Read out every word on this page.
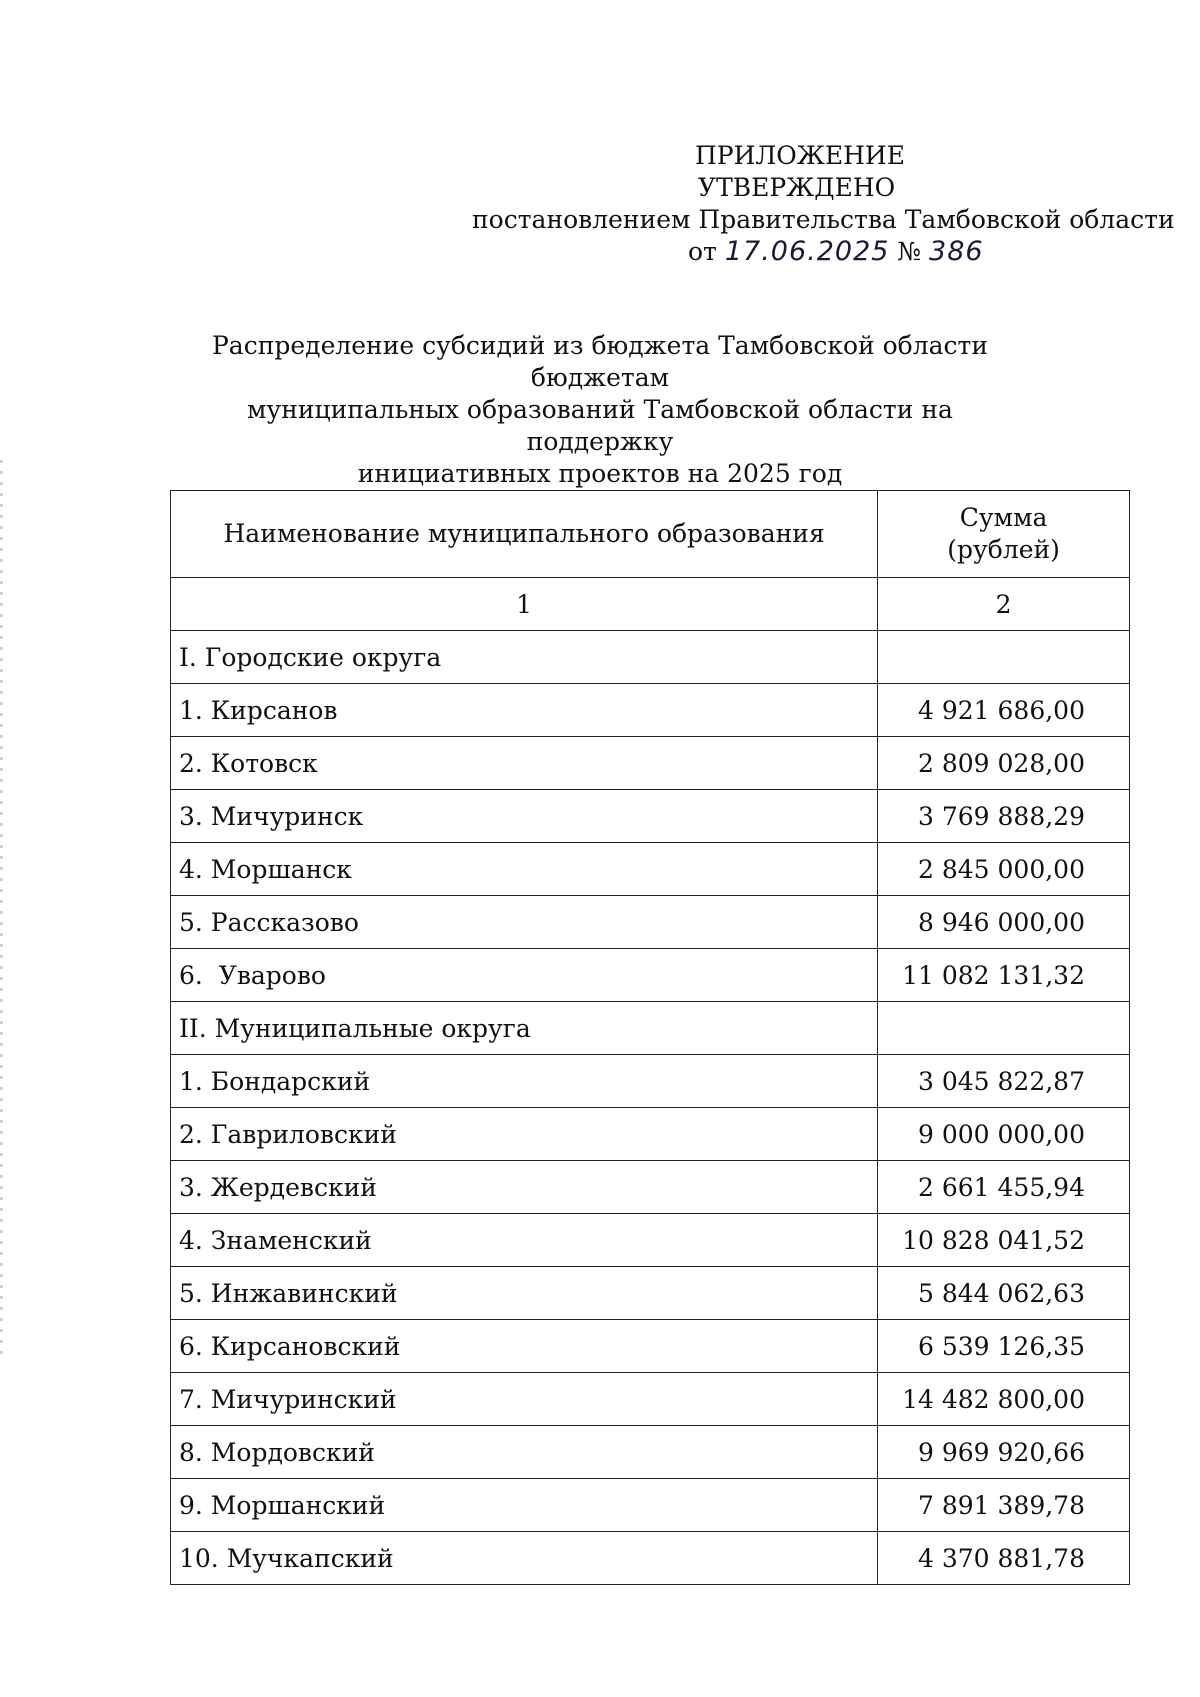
ПРИЛОЖЕНИЕ
УТВЕРЖДЕНО
постановлением Правительства Тамбовской области
от 17.06.2025 № 386
Распределение субсидий из бюджета Тамбовской области бюджетам
муниципальных образований Тамбовской области на поддержку
инициативных проектов на 2025 год
Наименование муниципального образования	Сумма
(рублей)

1	2
I. Городские округа	
1. Кирсанов	4 921 686,00
2. Котовск	2 809 028,00
3. Мичуринск	3 769 888,29
4. Моршанск	2 845 000,00
5. Рассказово	8 946 000,00
6.  Уварово	11 082 131,32
II. Муниципальные округа	
1. Бондарский	3 045 822,87
2. Гавриловский	9 000 000,00
3. Жердевский	2 661 455,94
4. Знаменский	10 828 041,52
5. Инжавинский	5 844 062,63
6. Кирсановский	6 539 126,35
7. Мичуринский	14 482 800,00
8. Мордовский	9 969 920,66
9. Моршанский	7 891 389,78
10. Мучкапский	4 370 881,78
